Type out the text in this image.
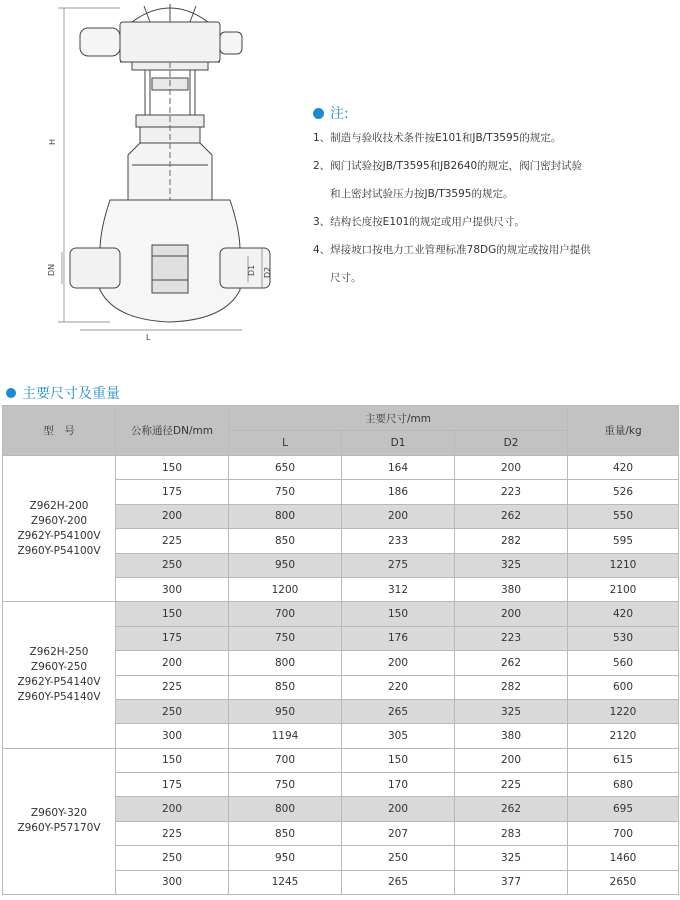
H
DN	D1 D2
L
注:
1、制造与验收技术条件按E101和JB/T3595的规定。
2、阀门试验按JB/T3595和JB2640的规定，阀门密封试验
和上密封试验压力按JB/T3595的规定。
3、结构长度按E101的规定或用户提供尺寸。
4、焊接坡口按电力工业管理标准78DG的规定或按用户提供
尺寸。
主要尺寸及重量
型　号	公称通径DN/mm	主要尺寸/mm			重量/kg
		L	D1	D2	

Z962H-200
Z960Y-200
Z962Y-P54100V
Z960Y-P54100V	150	650	164	200	420
	175	750	186	223	526
	200	800	200	262	550
	225	850	233	282	595
	250	950	275	325	1210
	300	1200	312	380	2100

Z962H-250
Z960Y-250
Z962Y-P54140V
Z960Y-P54140V	150	700	150	200	420
	175	750	176	223	530
	200	800	200	262	560
	225	850	220	282	600
	250	950	265	325	1220
	300	1194	305	380	2120

Z960Y-320
Z960Y-P57170V	150	700	150	200	615
	175	750	170	225	680
	200	800	200	262	695
	225	850	207	283	700
	250	950	250	325	1460
	300	1245	265	377	2650
